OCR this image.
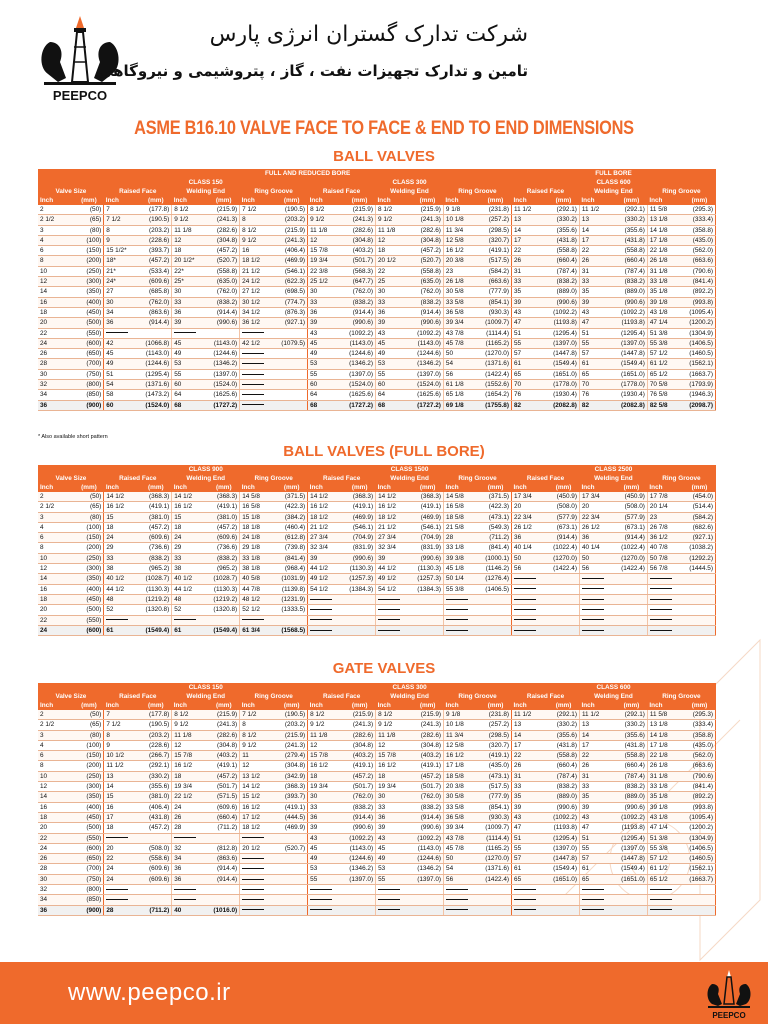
PEEPCO
شرکت تدارک گستران انرژی پارس
تامین و تدارک تجهیزات نفت ، گاز ، پتروشیمی و نیروگاهی
ASME B16.10 VALVE FACE TO FACE & END TO END DIMENSIONS
BALL VALVES
		FULL AND REDUCED BORE												FULL BORE					
		CLASS 150						CLASS 300						CLASS 600					
Valve Size		Raised Face		Welding End		Ring Groove		Raised Face		Welding End		Ring Groove		Raised Face		Welding End		Ring Groove	
Inch	(mm)	Inch	(mm)	Inch	(mm)	Inch	(mm)	Inch	(mm)	Inch	(mm)	Inch	(mm)	Inch	(mm)	Inch	(mm)	Inch	(mm)
2	(50)	7	(177.8)	8 1/2	(215.9)	7 1/2	(190.5)	8 1/2	(215.9)	8 1/2	(215.9)	9 1/8	(231.8)	11 1/2	(292.1)	11 1/2	(292.1)	11 5/8	(295.3)
2 1/2	(65)	7 1/2	(190.5)	9 1/2	(241.3)	8	(203.2)	9 1/2	(241.3)	9 1/2	(241.3)	10 1/8	(257.2)	13	(330.2)	13	(330.2)	13 1/8	(333.4)
3	(80)	8	(203.2)	11 1/8	(282.6)	8 1/2	(215.9)	11 1/8	(282.6)	11 1/8	(282.6)	11 3/4	(298.5)	14	(355.6)	14	(355.6)	14 1/8	(358.8)
4	(100)	9	(228.6)	12	(304.8)	9 1/2	(241.3)	12	(304.8)	12	(304.8)	12 5/8	(320.7)	17	(431.8)	17	(431.8)	17 1/8	(435.0)
6	(150)	15 1/2*	(393.7)	18	(457.2)	16	(406.4)	15 7/8	(403.2)	18	(457.2)	16 1/2	(419.1)	22	(558.8)	22	(558.8)	22 1/8	(562.0)
8	(200)	18*	(457.2)	20 1/2*	(520.7)	18 1/2	(469.9)	19 3/4	(501.7)	20 1/2	(520.7)	20 3/8	(517.5)	26	(660.4)	26	(660.4)	26 1/8	(663.6)
10	(250)	21*	(533.4)	22*	(558.8)	21 1/2	(546.1)	22 3/8	(568.3)	22	(558.8)	23	(584.2)	31	(787.4)	31	(787.4)	31 1/8	(790.6)
12	(300)	24*	(609.6)	25*	(635.0)	24 1/2	(622.3)	25 1/2	(647.7)	25	(635.0)	26 1/8	(663.6)	33	(838.2)	33	(838.2)	33 1/8	(841.4)
14	(350)	27	(685.8)	30	(762.0)	27 1/2	(698.5)	30	(762.0)	30	(762.0)	30 5/8	(777.9)	35	(889.0)	35	(889.0)	35 1/8	(892.2)
16	(400)	30	(762.0)	33	(838.2)	30 1/2	(774.7)	33	(838.2)	33	(838.2)	33 5/8	(854.1)	39	(990.6)	39	(990.6)	39 1/8	(993.8)
18	(450)	34	(863.6)	36	(914.4)	34 1/2	(876.3)	36	(914.4)	36	(914.4)	36 5/8	(930.3)	43	(1092.2)	43	(1092.2)	43 1/8	(1095.4)
20	(500)	36	(914.4)	39	(990.6)	36 1/2	(927.1)	39	(990.6)	39	(990.6)	39 3/4	(1009.7)	47	(1193.8)	47	(1193.8)	47 1/4	(1200.2)
22	(550)							43	(1092.2)	43	(1092.2)	43 7/8	(1114.4)	51	(1295.4)	51	(1295.4)	51 3/8	(1304.9)
24	(600)	42	(1066.8)	45	(1143.0)	42 1/2	(1079.5)	45	(1143.0)	45	(1143.0)	45 7/8	(1165.2)	55	(1397.0)	55	(1397.0)	55 3/8	(1406.5)
26	(650)	45	(1143.0)	49	(1244.6)			49	(1244.6)	49	(1244.6)	50	(1270.0)	57	(1447.8)	57	(1447.8)	57 1/2	(1460.5)
28	(700)	49	(1244.6)	53	(1346.2)			53	(1346.2)	53	(1346.2)	54	(1371.6)	61	(1549.4)	61	(1549.4)	61 1/2	(1562.1)
30	(750)	51	(1295.4)	55	(1397.0)			55	(1397.0)	55	(1397.0)	56	(1422.4)	65	(1651.0)	65	(1651.0)	65 1/2	(1663.7)
32	(800)	54	(1371.6)	60	(1524.0)			60	(1524.0)	60	(1524.0)	61 1/8	(1552.6)	70	(1778.0)	70	(1778.0)	70 5/8	(1793.9)
34	(850)	58	(1473.2)	64	(1625.6)			64	(1625.6)	64	(1625.6)	65 1/8	(1654.2)	76	(1930.4)	76	(1930.4)	76 5/8	(1946.3)
36	(900)	60	(1524.0)	68	(1727.2)			68	(1727.2)	68	(1727.2)	69 1/8	(1755.8)	82	(2082.8)	82	(2082.8)	82 5/8	(2098.7)
* Also available short pattern
BALL VALVES (FULL BORE)
		CLASS 900						CLASS 1500						CLASS 2500					
Valve Size		Raised Face		Welding End		Ring Groove		Raised Face		Welding End		Ring Groove		Raised Face		Welding End		Ring Groove	
Inch	(mm)	Inch	(mm)	Inch	(mm)	Inch	(mm)	Inch	(mm)	Inch	(mm)	Inch	(mm)	Inch	(mm)	Inch	(mm)	Inch	(mm)
2	(50)	14 1/2	(368.3)	14 1/2	(368.3)	14 5/8	(371.5)	14 1/2	(368.3)	14 1/2	(368.3)	14 5/8	(371.5)	17 3/4	(450.9)	17 3/4	(450.9)	17 7/8	(454.0)
2 1/2	(65)	16 1/2	(419.1)	16 1/2	(419.1)	16 5/8	(422.3)	16 1/2	(419.1)	16 1/2	(419.1)	16 5/8	(422.3)	20	(508.0)	20	(508.0)	20 1/4	(514.4)
3	(80)	15	(381.0)	15	(381.0)	15 1/8	(384.2)	18 1/2	(469.9)	18 1/2	(469.9)	18 5/8	(473.1)	22 3/4	(577.9)	22 3/4	(577.9)	23	(584.2)
4	(100)	18	(457.2)	18	(457.2)	18 1/8	(460.4)	21 1/2	(546.1)	21 1/2	(546.1)	21 5/8	(549.3)	26 1/2	(673.1)	26 1/2	(673.1)	26 7/8	(682.6)
6	(150)	24	(609.6)	24	(609.6)	24 1/8	(612.8)	27 3/4	(704.9)	27 3/4	(704.9)	28	(711.2)	36	(914.4)	36	(914.4)	36 1/2	(927.1)
8	(200)	29	(736.6)	29	(736.6)	29 1/8	(739.8)	32 3/4	(831.9)	32 3/4	(831.9)	33 1/8	(841.4)	40 1/4	(1022.4)	40 1/4	(1022.4)	40 7/8	(1038.2)
10	(250)	33	(838.2)	33	(838.2)	33 1/8	(841.4)	39	(990.6)	39	(990.6)	39 3/8	(1000.1)	50	(1270.0)	50	(1270.0)	50 7/8	(1292.2)
12	(300)	38	(965.2)	38	(965.2)	38 1/8	(968.4)	44 1/2	(1130.3)	44 1/2	(1130.3)	45 1/8	(1146.2)	56	(1422.4)	56	(1422.4)	56 7/8	(1444.5)
14	(350)	40 1/2	(1028.7)	40 1/2	(1028.7)	40 5/8	(1031.9)	49 1/2	(1257.3)	49 1/2	(1257.3)	50 1/4	(1276.4)						
16	(400)	44 1/2	(1130.3)	44 1/2	(1130.3)	44 7/8	(1139.8)	54 1/2	(1384.3)	54 1/2	(1384.3)	55 3/8	(1406.5)						
18	(450)	48	(1219.2)	48	(1219.2)	48 1/2	(1231.9)												
20	(500)	52	(1320.8)	52	(1320.8)	52 1/2	(1333.5)												
22	(550)																		
24	(600)	61	(1549.4)	61	(1549.4)	61 3/4	(1568.5)												
GATE VALVES
		CLASS 150						CLASS 300						CLASS 600					
Valve Size		Raised Face		Welding End		Ring Groove		Raised Face		Welding End		Ring Groove		Raised Face		Welding End		Ring Groove	
Inch	(mm)	Inch	(mm)	Inch	(mm)	Inch	(mm)	Inch	(mm)	Inch	(mm)	Inch	(mm)	Inch	(mm)	Inch	(mm)	Inch	(mm)
2	(50)	7	(177.8)	8 1/2	(215.9)	7 1/2	(190.5)	8 1/2	(215.9)	8 1/2	(215.9)	9 1/8	(231.8)	11 1/2	(292.1)	11 1/2	(292.1)	11 5/8	(295.3)
2 1/2	(65)	7 1/2	(190.5)	9 1/2	(241.3)	8	(203.2)	9 1/2	(241.3)	9 1/2	(241.3)	10 1/8	(257.2)	13	(330.2)	13	(330.2)	13 1/8	(333.4)
3	(80)	8	(203.2)	11 1/8	(282.6)	8 1/2	(215.9)	11 1/8	(282.6)	11 1/8	(282.6)	11 3/4	(298.5)	14	(355.6)	14	(355.6)	14 1/8	(358.8)
4	(100)	9	(228.6)	12	(304.8)	9 1/2	(241.3)	12	(304.8)	12	(304.8)	12 5/8	(320.7)	17	(431.8)	17	(431.8)	17 1/8	(435.0)
6	(150)	10 1/2	(266.7)	15 7/8	(403.2)	11	(279.4)	15 7/8	(403.2)	15 7/8	(403.2)	16 1/2	(419.1)	22	(558.8)	22	(558.8)	22 1/8	(562.0)
8	(200)	11 1/2	(292.1)	16 1/2	(419.1)	12	(304.8)	16 1/2	(419.1)	16 1/2	(419.1)	17 1/8	(435.0)	26	(660.4)	26	(660.4)	26 1/8	(663.6)
10	(250)	13	(330.2)	18	(457.2)	13 1/2	(342.9)	18	(457.2)	18	(457.2)	18 5/8	(473.1)	31	(787.4)	31	(787.4)	31 1/8	(790.6)
12	(300)	14	(355.6)	19 3/4	(501.7)	14 1/2	(368.3)	19 3/4	(501.7)	19 3/4	(501.7)	20 3/8	(517.5)	33	(838.2)	33	(838.2)	33 1/8	(841.4)
14	(350)	15	(381.0)	22 1/2	(571.5)	15 1/2	(393.7)	30	(762.0)	30	(762.0)	30 5/8	(777.9)	35	(889.0)	35	(889.0)	35 1/8	(892.2)
16	(400)	16	(406.4)	24	(609.6)	16 1/2	(419.1)	33	(838.2)	33	(838.2)	33 5/8	(854.1)	39	(990.6)	39	(990.6)	39 1/8	(993.8)
18	(450)	17	(431.8)	26	(660.4)	17 1/2	(444.5)	36	(914.4)	36	(914.4)	36 5/8	(930.3)	43	(1092.2)	43	(1092.2)	43 1/8	(1095.4)
20	(500)	18	(457.2)	28	(711.2)	18 1/2	(469.9)	39	(990.6)	39	(990.6)	39 3/4	(1009.7)	47	(1193.8)	47	(1193.8)	47 1/4	(1200.2)
22	(550)							43	(1092.2)	43	(1092.2)	43 7/8	(1114.4)	51	(1295.4)	51	(1295.4)	51 3/8	(1304.9)
24	(600)	20	(508.0)	32	(812.8)	20 1/2	(520.7)	45	(1143.0)	45	(1143.0)	45 7/8	(1165.2)	55	(1397.0)	55	(1397.0)	55 3/8	(1406.5)
26	(650)	22	(558.6)	34	(863.6)			49	(1244.6)	49	(1244.6)	50	(1270.0)	57	(1447.8)	57	(1447.8)	57 1/2	(1460.5)
28	(700)	24	(609.6)	36	(914.4)			53	(1346.2)	53	(1346.2)	54	(1371.6)	61	(1549.4)	61	(1549.4)	61 1/2	(1562.1)
30	(750)	24	(609.6)	36	(914.4)			55	(1397.0)	55	(1397.0)	56	(1422.4)	65	(1651.0)	65	(1651.0)	65 1/2	(1663.7)
32	(800)																		
34	(850)																		
36	(900)	28	(711.2)	40	(1016.0)														
www.peepco.ir
PEEPCO
